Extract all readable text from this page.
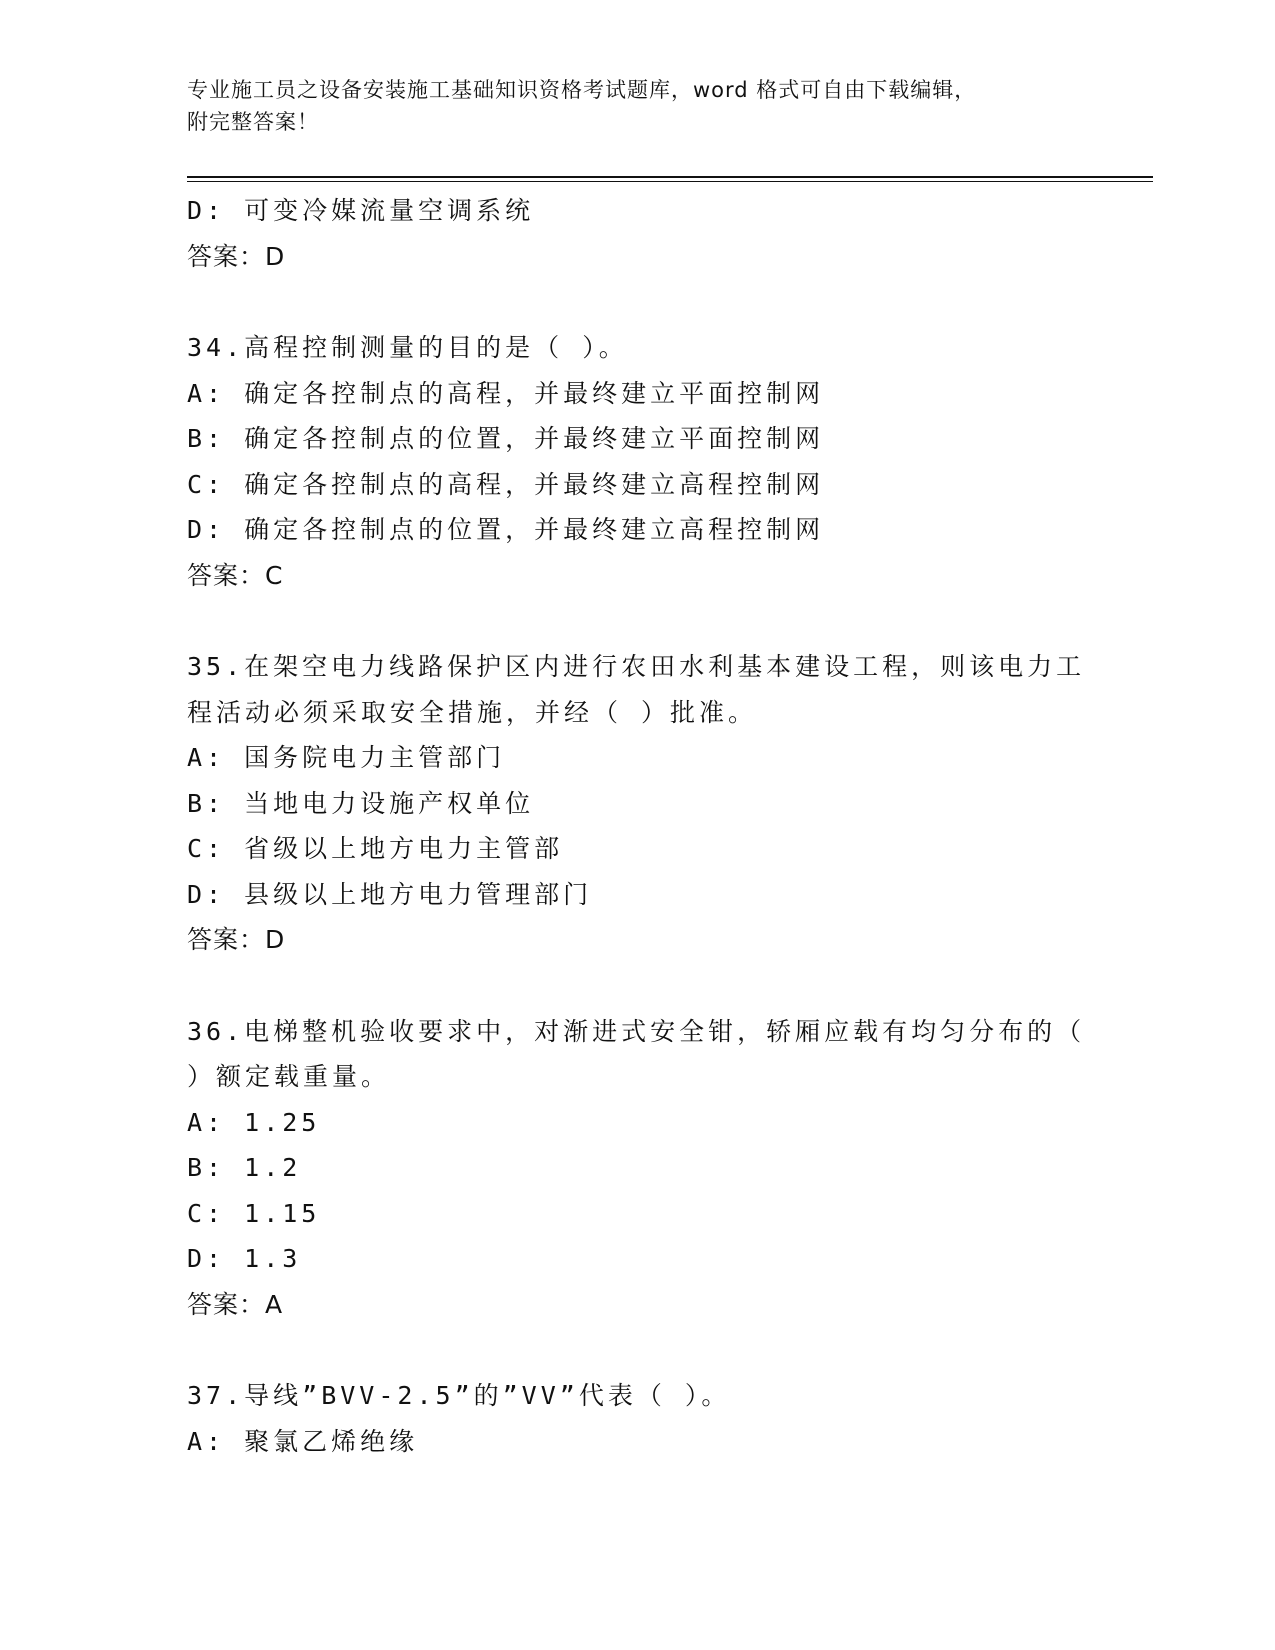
专业施工员之设备安装施工基础知识资格考试题库，word 格式可自由下载编辑，
附完整答案！
D: 可变冷媒流量空调系统
答案：D
34.高程控制测量的目的是（ ）。
A: 确定各控制点的高程，并最终建立平面控制网
B: 确定各控制点的位置，并最终建立平面控制网
C: 确定各控制点的高程，并最终建立高程控制网
D: 确定各控制点的位置，并最终建立高程控制网
答案：C
35.在架空电力线路保护区内进行农田水利基本建设工程，则该电力工
程活动必须采取安全措施，并经（ ）批准。
A: 国务院电力主管部门
B: 当地电力设施产权单位
C: 省级以上地方电力主管部
D: 县级以上地方电力管理部门
答案：D
36.电梯整机验收要求中，对渐进式安全钳，轿厢应载有均匀分布的（
）额定载重量。
A: 1.25
B: 1.2
C: 1.15
D: 1.3
答案：A
37.导线”BVV-2.5”的”VV”代表（ ）。
A: 聚氯乙烯绝缘
